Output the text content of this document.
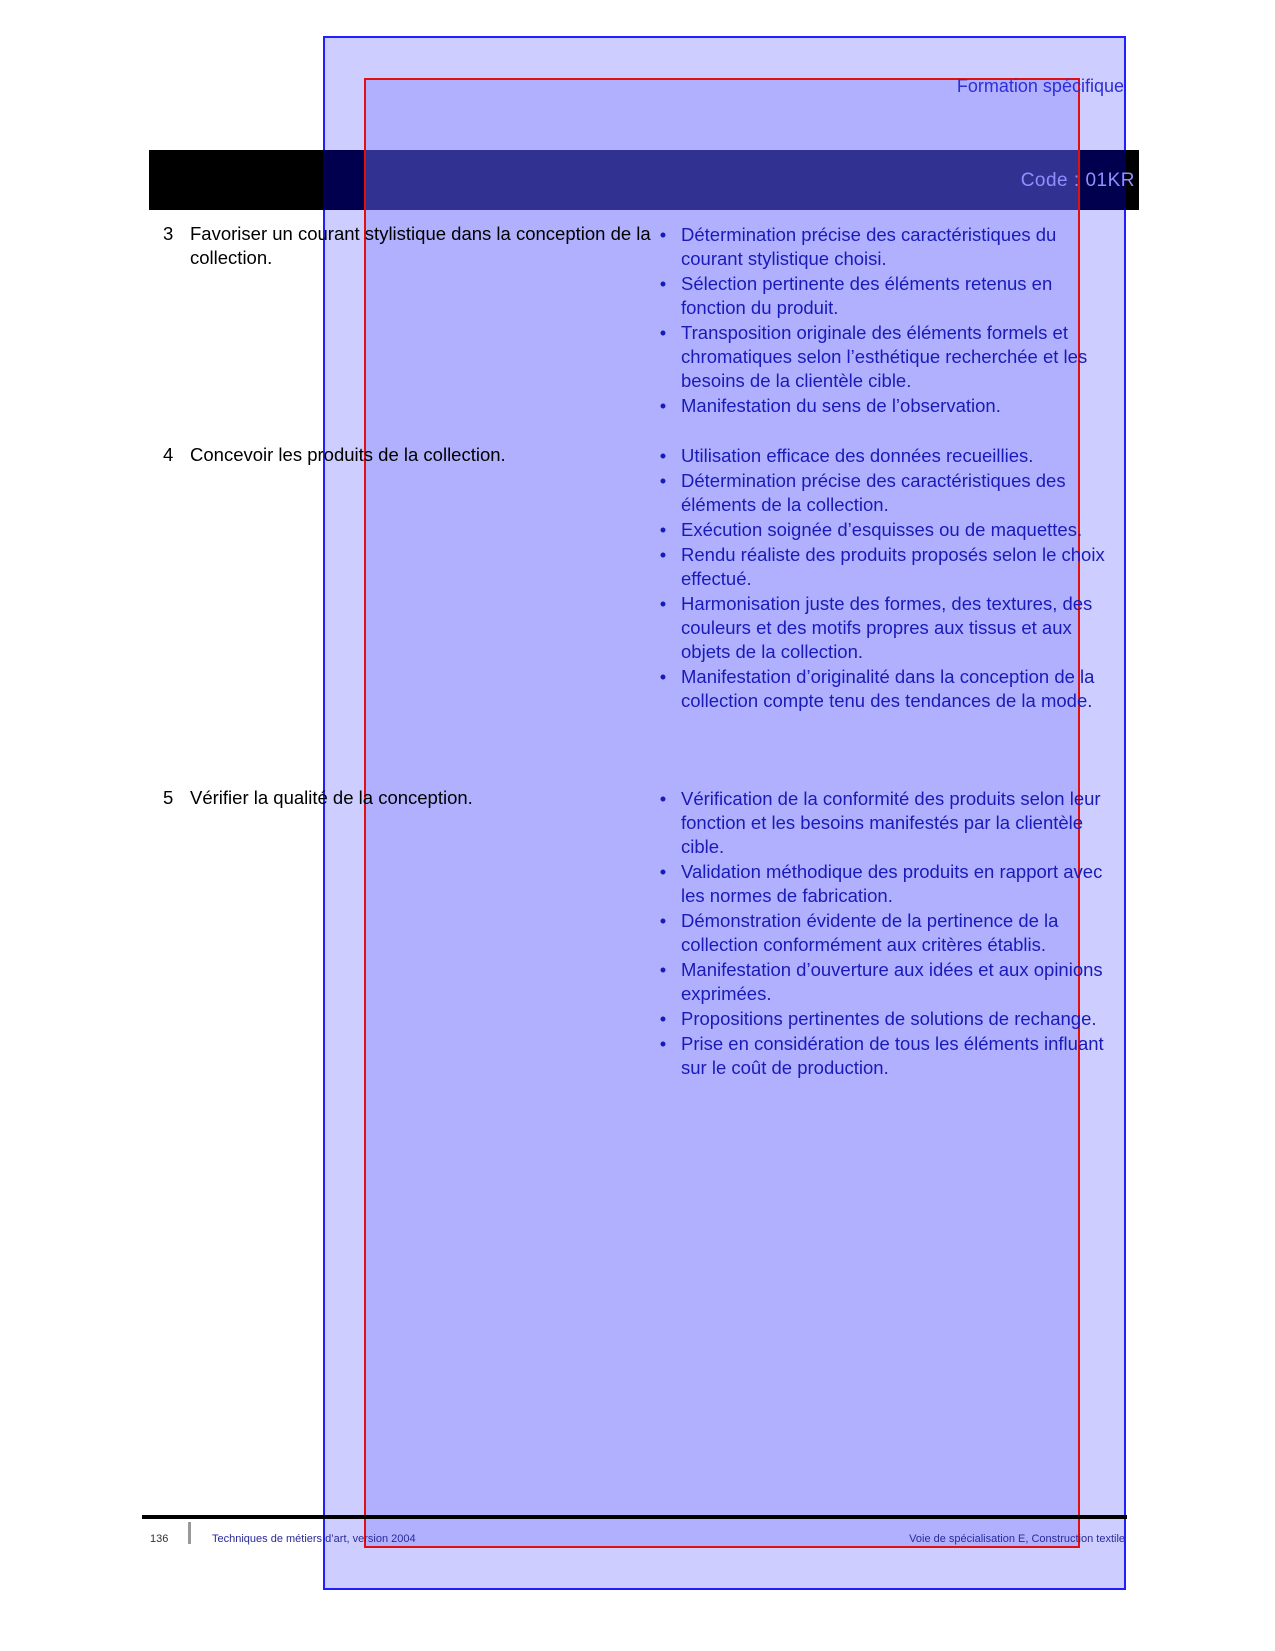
Formation spécifique
Code : 01KR
3 Favoriser un courant stylistique dans la conception de la collection.
• Détermination précise des caractéristiques du courant stylistique choisi.
• Sélection pertinente des éléments retenus en fonction du produit.
• Transposition originale des éléments formels et chromatiques selon l’esthétique recherchée et les besoins de la clientèle cible.
• Manifestation du sens de l’observation.
4 Concevoir les produits de la collection.	• Utilisation efficace des données recueillies.
• Détermination précise des caractéristiques des éléments de la collection.
• Exécution soignée d’esquisses ou de maquettes.
• Rendu réaliste des produits proposés selon le choix effectué.
• Harmonisation juste des formes, des textures, des couleurs et des motifs propres aux tissus et aux objets de la collection.
• Manifestation d’originalité dans la conception de la collection compte tenu des tendances de la mode.
5 Vérifier la qualité de la conception.	• Vérification de la conformité des produits selon leur fonction et les besoins manifestés par la clientèle cible.
• Validation méthodique des produits en rapport avec les normes de fabrication.
• Démonstration évidente de la pertinence de la collection conformément aux critères établis.
• Manifestation d’ouverture aux idées et aux opinions exprimées.
• Propositions pertinentes de solutions de rechange.
• Prise en considération de tous les éléments influant sur le coût de production.
136	Techniques de métiers d’art, version 2004	Voie de spécialisation E, Construction textile
